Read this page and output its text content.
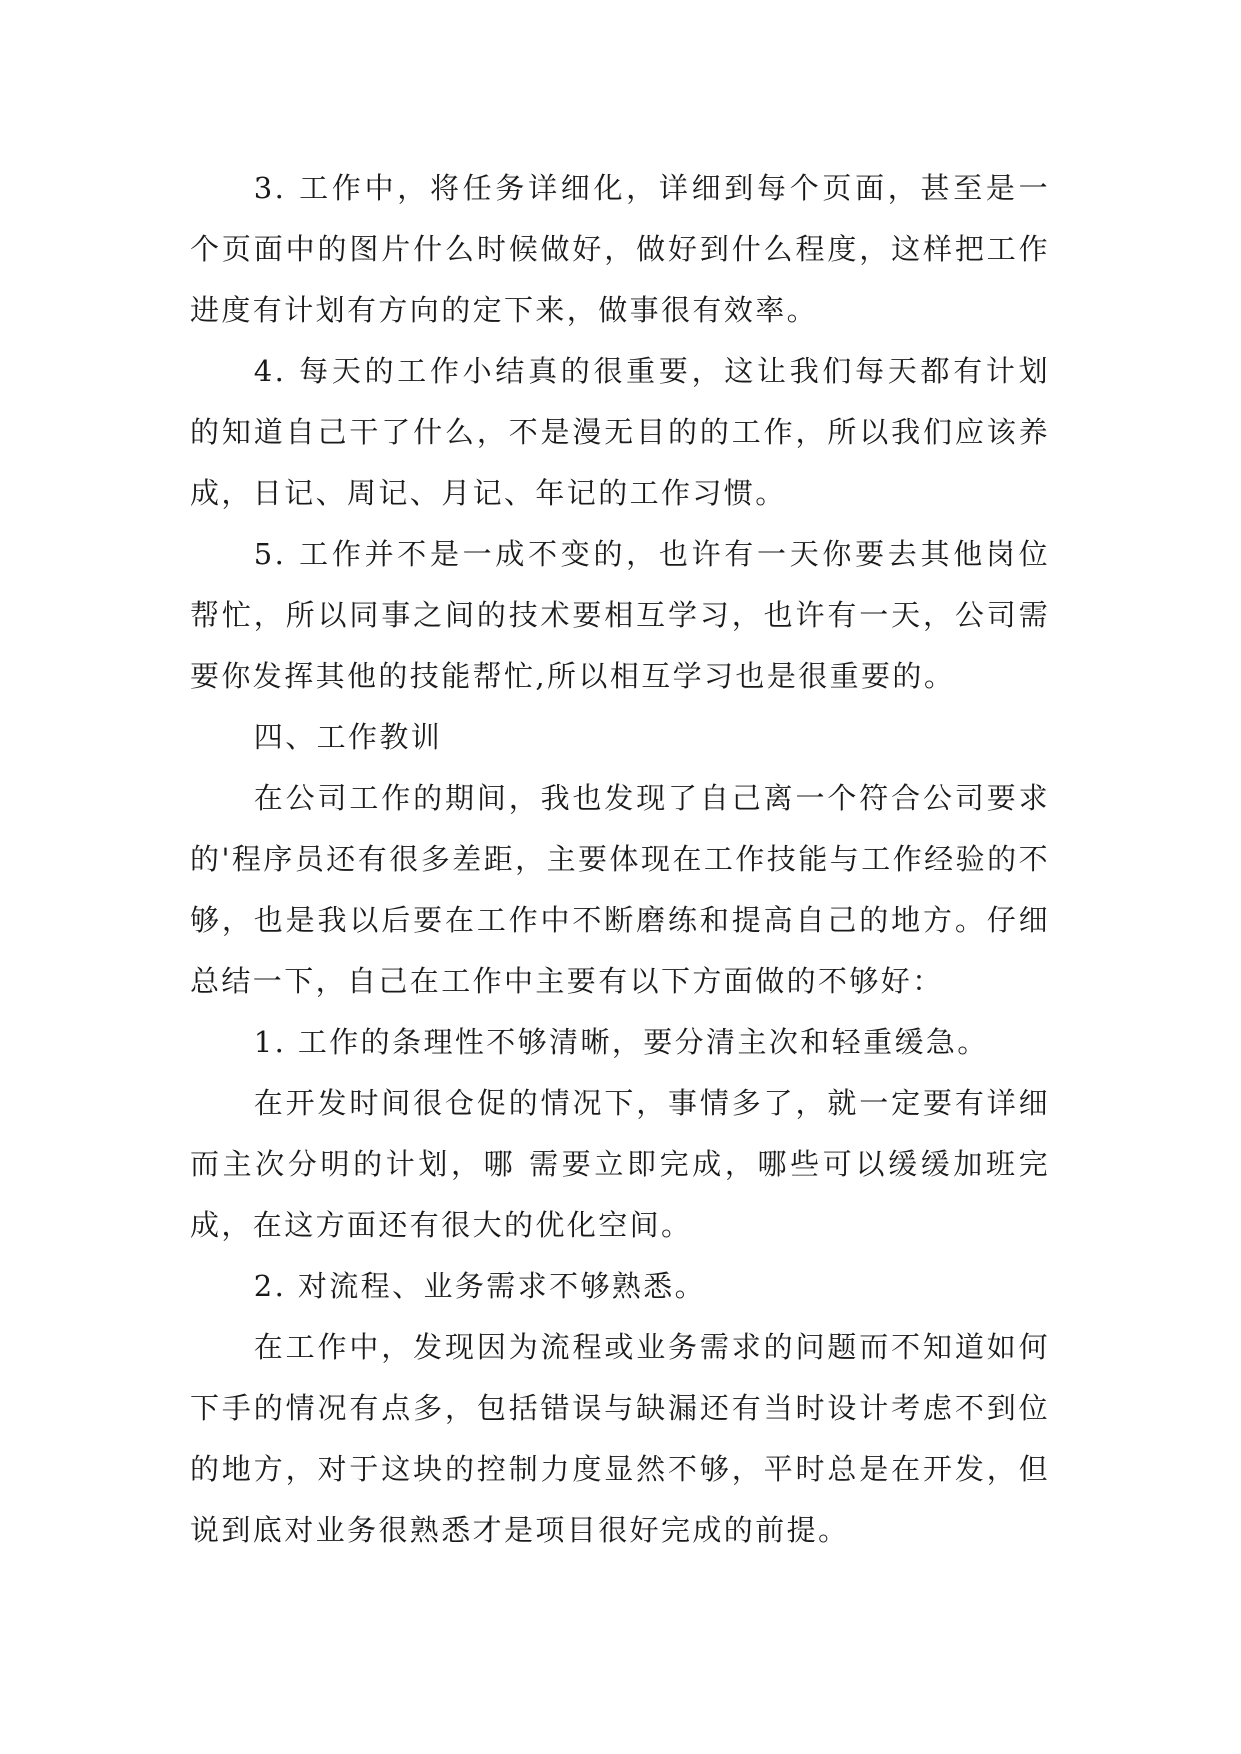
3. 工作中，将任务详细化，详细到每个页面，甚至是一个页面中的图片什么时候做好，做好到什么程度，这样把工作进度有计划有方向的定下来，做事很有效率。

4. 每天的工作小结真的很重要，这让我们每天都有计划的知道自己干了什么，不是漫无目的的工作，所以我们应该养成，日记、周记、月记、年记的工作习惯。

5. 工作并不是一成不变的，也许有一天你要去其他岗位帮忙，所以同事之间的技术要相互学习，也许有一天，公司需要你发挥其他的技能帮忙,所以相互学习也是很重要的。

四、工作教训

在公司工作的期间，我也发现了自己离一个符合公司要求的'程序员还有很多差距，主要体现在工作技能与工作经验的不够，也是我以后要在工作中不断磨练和提高自己的地方。仔细总结一下，自己在工作中主要有以下方面做的不够好：

1. 工作的条理性不够清晰，要分清主次和轻重缓急。

在开发时间很仓促的情况下，事情多了，就一定要有详细而主次分明的计划，哪 需要立即完成，哪些可以缓缓加班完成，在这方面还有很大的优化空间。

2. 对流程、业务需求不够熟悉。

在工作中，发现因为流程或业务需求的问题而不知道如何下手的情况有点多，包括错误与缺漏还有当时设计考虑不到位的地方，对于这块的控制力度显然不够，平时总是在开发，但说到底对业务很熟悉才是项目很好完成的前提。
